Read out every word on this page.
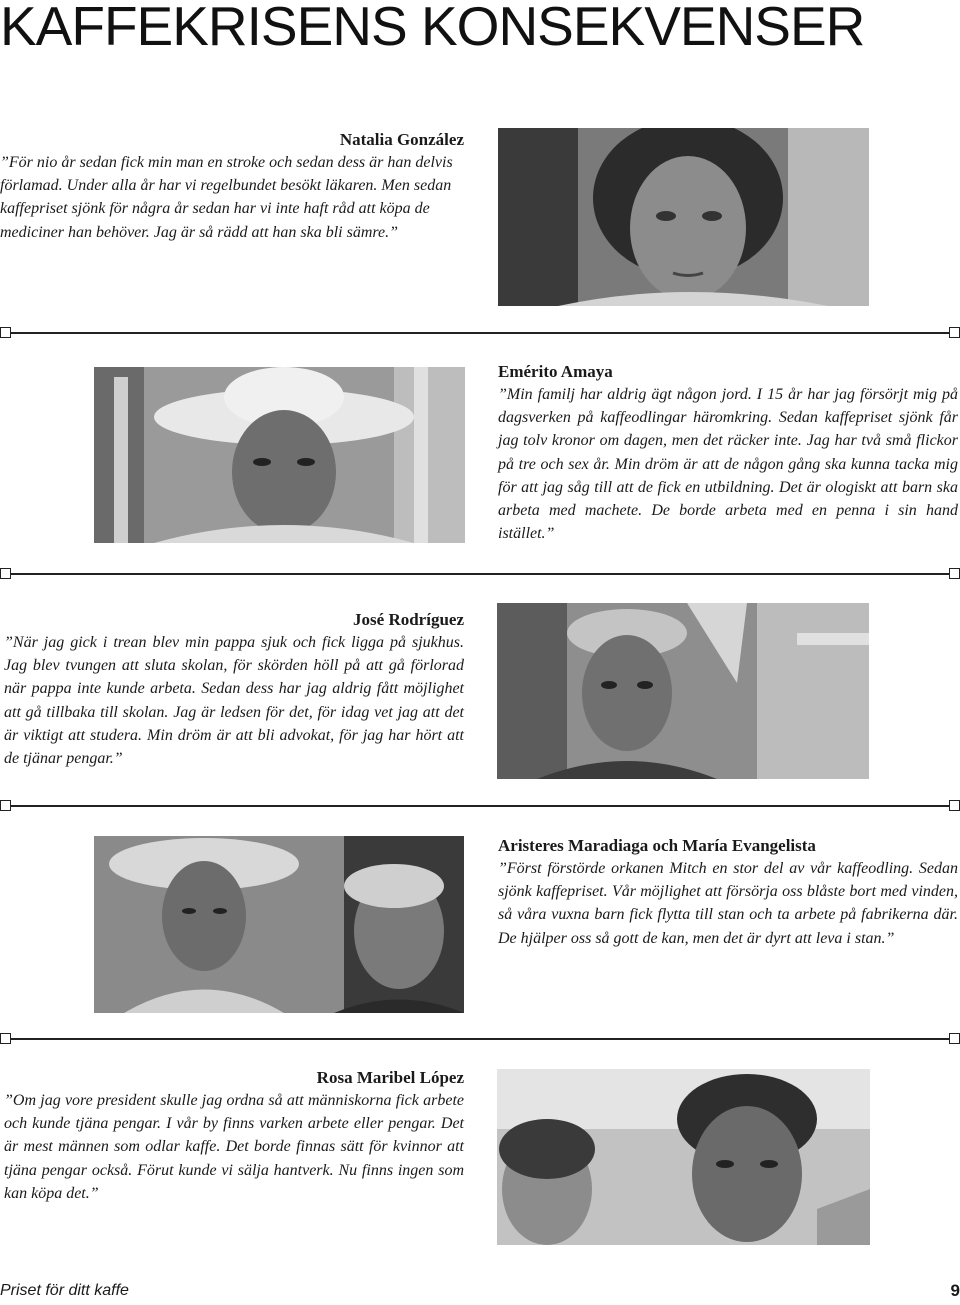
KAFFEKRISENS KONSEKVENSER

Natalia González

”För nio år sedan fick min man en stroke och sedan dess är han delvis förlamad. Under alla år har vi regelbundet besökt läkaren. Men sedan kaffepriset sjönk för några år sedan har vi inte haft råd att köpa de mediciner han behöver. Jag är så rädd att han ska bli sämre.”

Emérito Amaya

”Min familj har aldrig ägt någon jord. I 15 år har jag försörjt mig på dagsverken på kaffeodlingar häromkring. Sedan kaffepriset sjönk får jag tolv kronor om dagen, men det räcker inte. Jag har två små flickor på tre och sex år. Min dröm är att de någon gång ska kunna tacka mig för att jag såg till att de fick en utbildning. Det är ologiskt att barn ska arbeta med machete. De borde arbeta med en penna i sin hand istället.”

José Rodríguez

”När jag gick i trean blev min pappa sjuk och fick ligga på sjukhus. Jag blev tvungen att sluta skolan, för skörden höll på att gå förlorad när pappa inte kunde arbeta. Sedan dess har jag aldrig fått möjlighet att gå tillbaka till skolan. Jag är ledsen för det, för idag vet jag att det är viktigt att studera. Min dröm är att bli advokat, för jag har hört att de tjänar pengar.”

Aristeres Maradiaga och María Evangelista

”Först förstörde orkanen Mitch en stor del av vår kaffeodling. Sedan sjönk kaffepriset. Vår möjlighet att försörja oss blåste bort med vinden, så våra vuxna barn fick flytta till stan och ta arbete på fabrikerna där. De hjälper oss så gott de kan, men det är dyrt att leva i stan.”

Rosa Maribel López

”Om jag vore president skulle jag ordna så att människorna fick arbete och kunde tjäna pengar. I vår by finns varken arbete eller pengar. Det är mest männen som odlar kaffe. Det borde finnas sätt för kvinnor att tjäna pengar också. Förut kunde vi sälja hantverk. Nu finns ingen som kan köpa det.”

Priset för ditt kaffe	9
